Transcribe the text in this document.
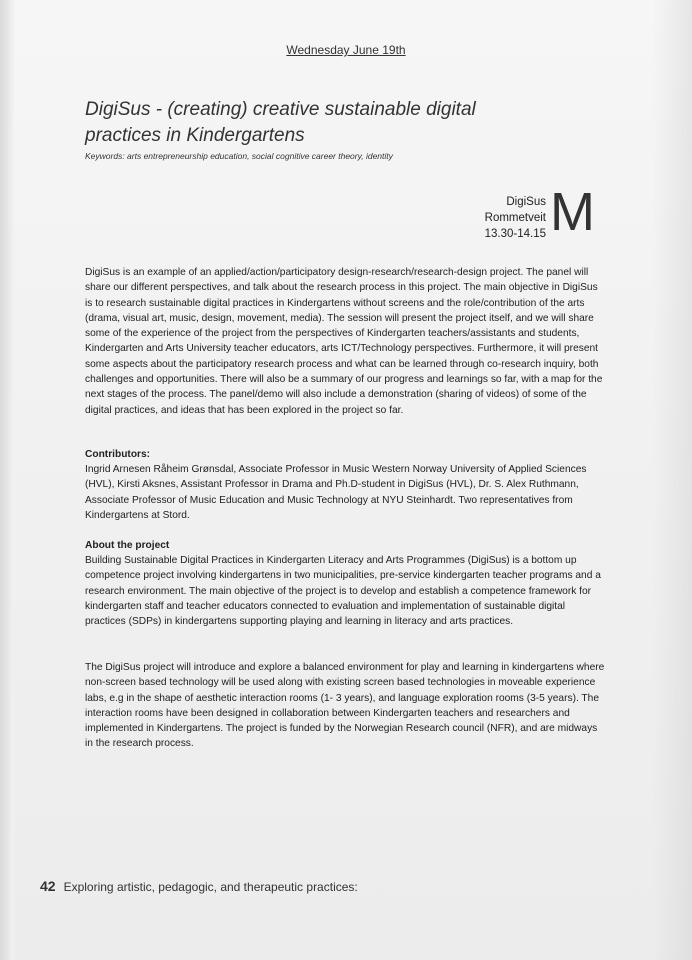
Wednesday June 19th
DigiSus - (creating) creative sustainable digital practices in Kindergartens
Keywords: arts entrepreneurship education, social cognitive career theory, identity
DigiSus
Rommetveit
13.30-14.15 M

DigiSus is an example of an applied/action/participatory design-research/research-design project. The panel will share our different perspectives, and talk about the research process in this project. The main objective in DigiSus is to research sustainable digital practices in Kindergartens without screens and the role/contribution of the arts (drama, visual art, music, design, movement, media). The session will present the project itself, and we will share some of the experience of the project from the perspectives of Kindergarten teachers/assistants and students, Kindergarten and Arts University teacher educators, arts ICT/Technology perspectives. Furthermore, it will present some aspects about the participatory research process and what can be learned through co-research inquiry, both challenges and opportunities. There will also be a summary of our progress and learnings so far, with a map for the next stages of the process. The panel/demo will also include a demonstration (sharing of videos) of some of the digital practices, and ideas that has been explored in the project so far.

Contributors:

Ingrid Arnesen Råheim Grønsdal, Associate Professor in Music Western Norway University of Applied Sciences (HVL), Kirsti Aksnes, Assistant Professor in Drama and Ph.D-student in DigiSus (HVL), Dr. S. Alex Ruthmann, Associate Professor of Music Education and Music Technology at NYU Steinhardt. Two representatives from Kindergartens at Stord.

About the project

Building Sustainable Digital Practices in Kindergarten Literacy and Arts Programmes (DigiSus) is a bottom up competence project involving kindergartens in two municipalities, pre-service kindergarten teacher programs and a research environment. The main objective of the project is to develop and establish a competence framework for kindergarten staff and teacher educators connected to evaluation and implementation of sustainable digital practices (SDPs) in kindergartens supporting playing and learning in literacy and arts practices.

The DigiSus project will introduce and explore a balanced environment for play and learning in kindergartens where non-screen based technology will be used along with existing screen based technologies in moveable experience labs, e.g in the shape of aesthetic interaction rooms (1- 3 years), and language exploration rooms (3-5 years). The interaction rooms have been designed in collaboration between Kindergarten teachers and researchers and implemented in Kindergartens. The project is funded by the Norwegian Research council (NFR), and are midways in the research process.

42 Exploring artistic, pedagogic, and therapeutic practices:
